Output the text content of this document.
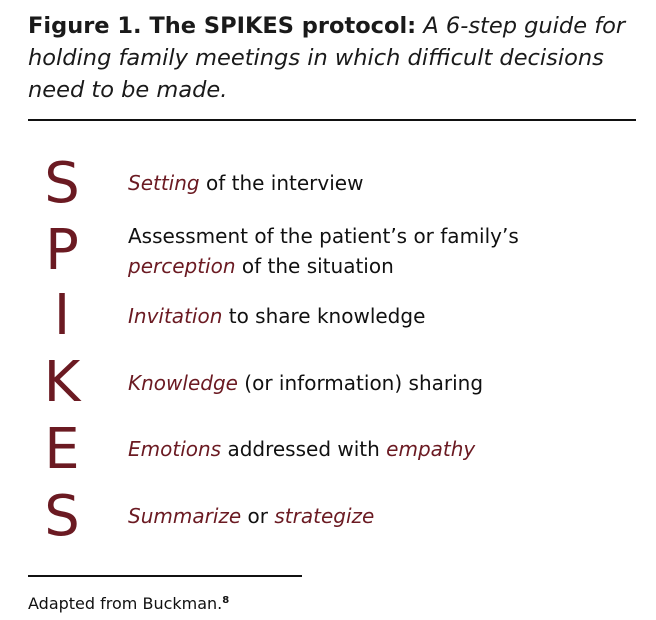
Figure 1. The SPIKES protocol: A 6-step guide for holding family meetings in which difficult decisions need to be made.
S	Setting of the interview
P	Assessment of the patient’s or family’s
perception of the situation
I	Invitation to share knowledge
K	Knowledge (or information) sharing
E	Emotions addressed with empathy
S	Summarize or strategize
Adapted from Buckman.$^8$
